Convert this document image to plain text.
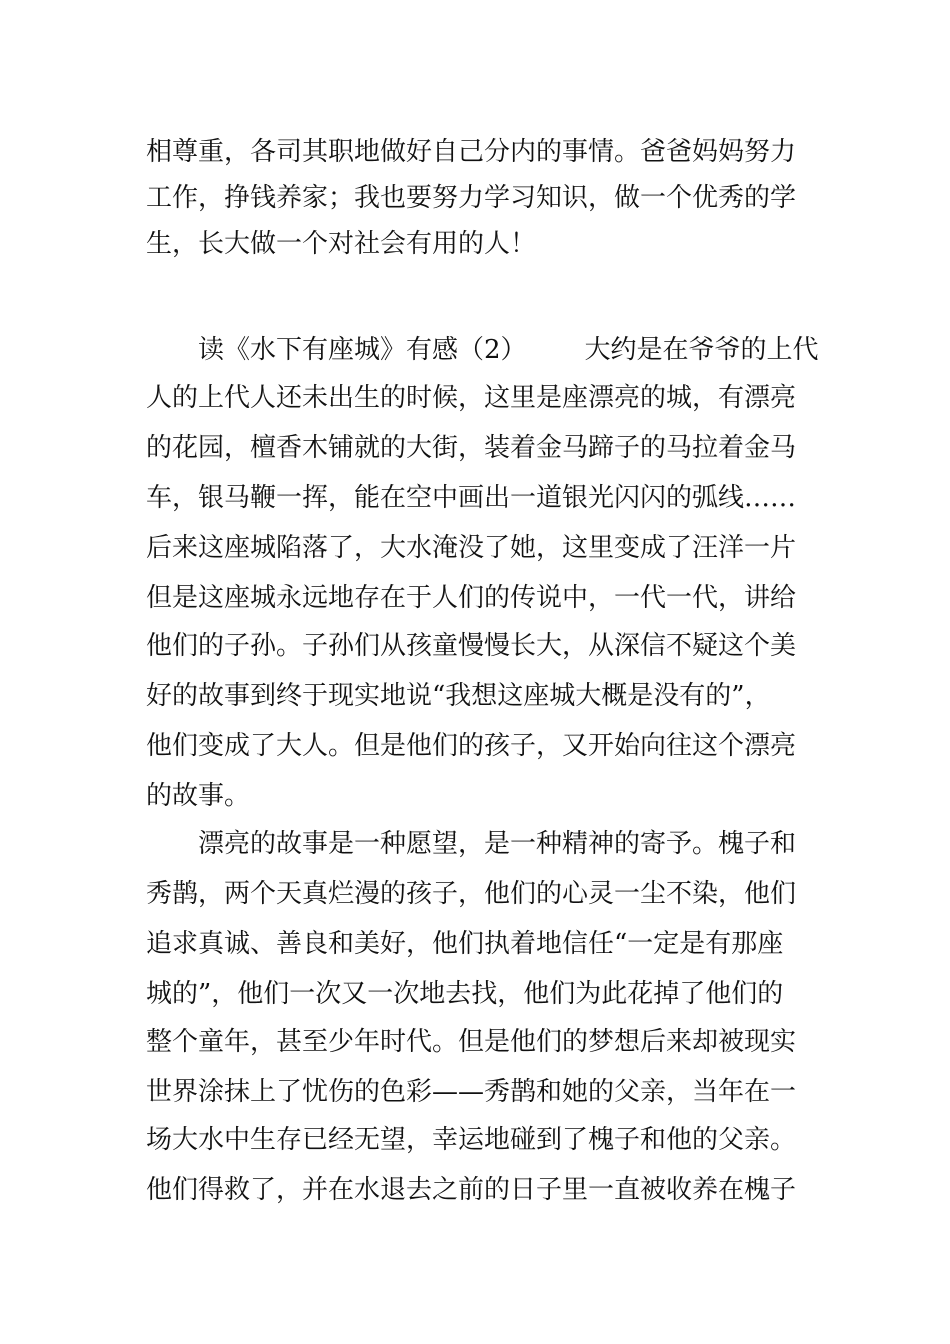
相尊重，各司其职地做好自己分内的事情。爸爸妈妈努力
工作，挣钱养家；我也要努力学习知识，做一个优秀的学
生，长大做一个对社会有用的人！
读《水下有座城》有感（2） 大约是在爷爷的上代
人的上代人还未出生的时候，这里是座漂亮的城，有漂亮
的花园，檀香木铺就的大街，装着金马蹄子的马拉着金马
车，银马鞭一挥，能在空中画出一道银光闪闪的弧线……
后来这座城陷落了，大水淹没了她，这里变成了汪洋一片
但是这座城永远地存在于人们的传说中，一代一代，讲给
他们的子孙。子孙们从孩童慢慢长大，从深信不疑这个美
好的故事到终于现实地说“我想这座城大概是没有的”，
他们变成了大人。但是他们的孩子，又开始向往这个漂亮
的故事。
漂亮的故事是一种愿望，是一种精神的寄予。槐子和
秀鹊，两个天真烂漫的孩子，他们的心灵一尘不染，他们
追求真诚、善良和美好，他们执着地信任“一定是有那座
城的”，他们一次又一次地去找，他们为此花掉了他们的
整个童年，甚至少年时代。但是他们的梦想后来却被现实
世界涂抹上了忧伤的色彩——秀鹊和她的父亲，当年在一
场大水中生存已经无望，幸运地碰到了槐子和他的父亲。
他们得救了，并在水退去之前的日子里一直被收养在槐子
